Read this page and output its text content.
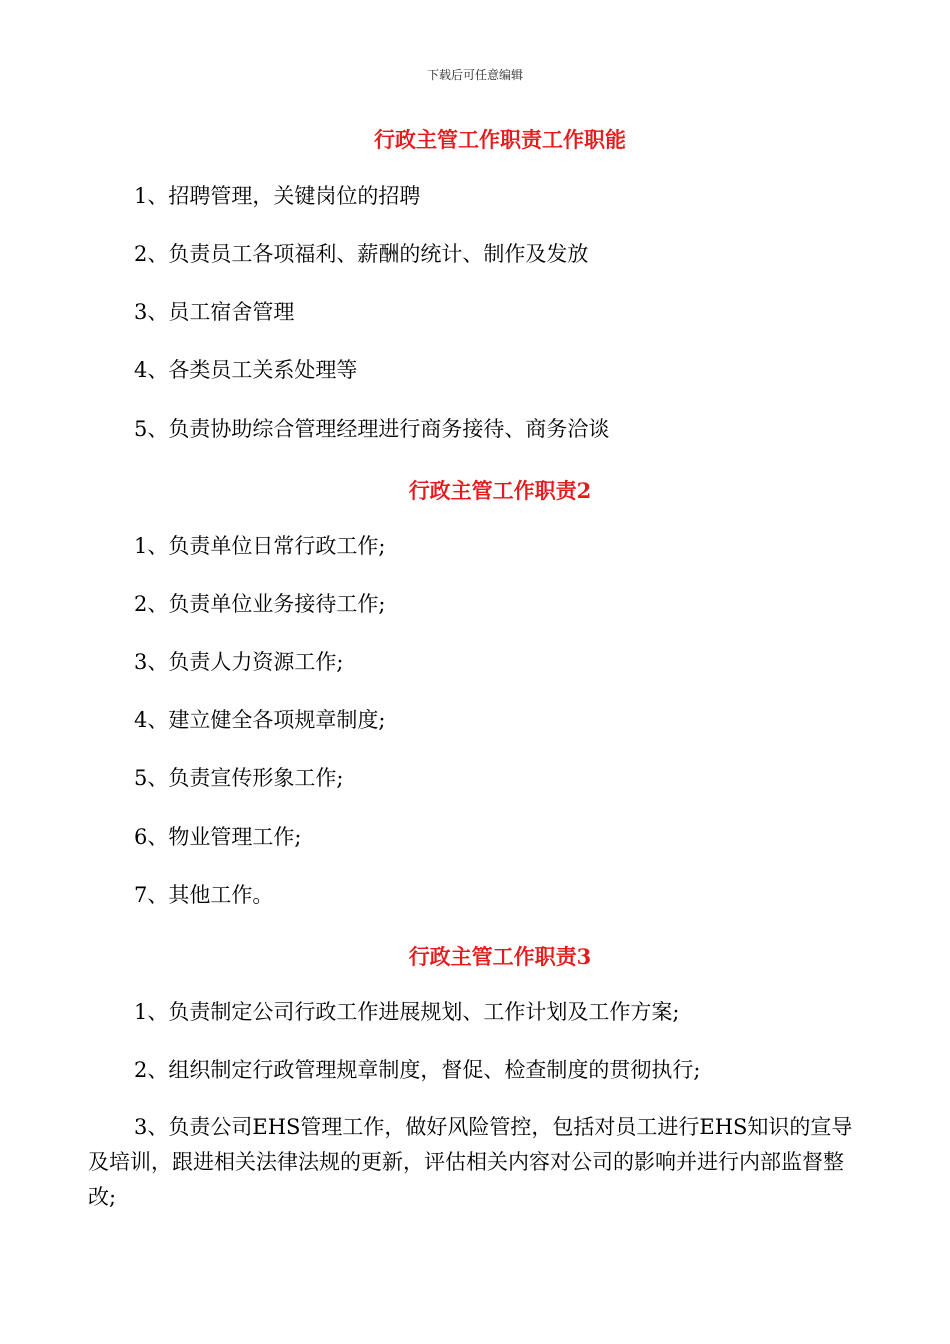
下载后可任意编辑
行政主管工作职责工作职能
1、招聘管理，关键岗位的招聘
2、负责员工各项福利、薪酬的统计、制作及发放
3、员工宿舍管理
4、各类员工关系处理等
5、负责协助综合管理经理进行商务接待、商务洽谈
行政主管工作职责2
1、负责单位日常行政工作;
2、负责单位业务接待工作;
3、负责人力资源工作;
4、建立健全各项规章制度;
5、负责宣传形象工作;
6、物业管理工作;
7、其他工作。
行政主管工作职责3
1、负责制定公司行政工作进展规划、工作计划及工作方案;
2、组织制定行政管理规章制度，督促、检查制度的贯彻执行;
3、负责公司EHS管理工作，做好风险管控，包括对员工进行EHS知识的宣导及培训，跟进相关法律法规的更新，评估相关内容对公司的影响并进行内部监督整改;
